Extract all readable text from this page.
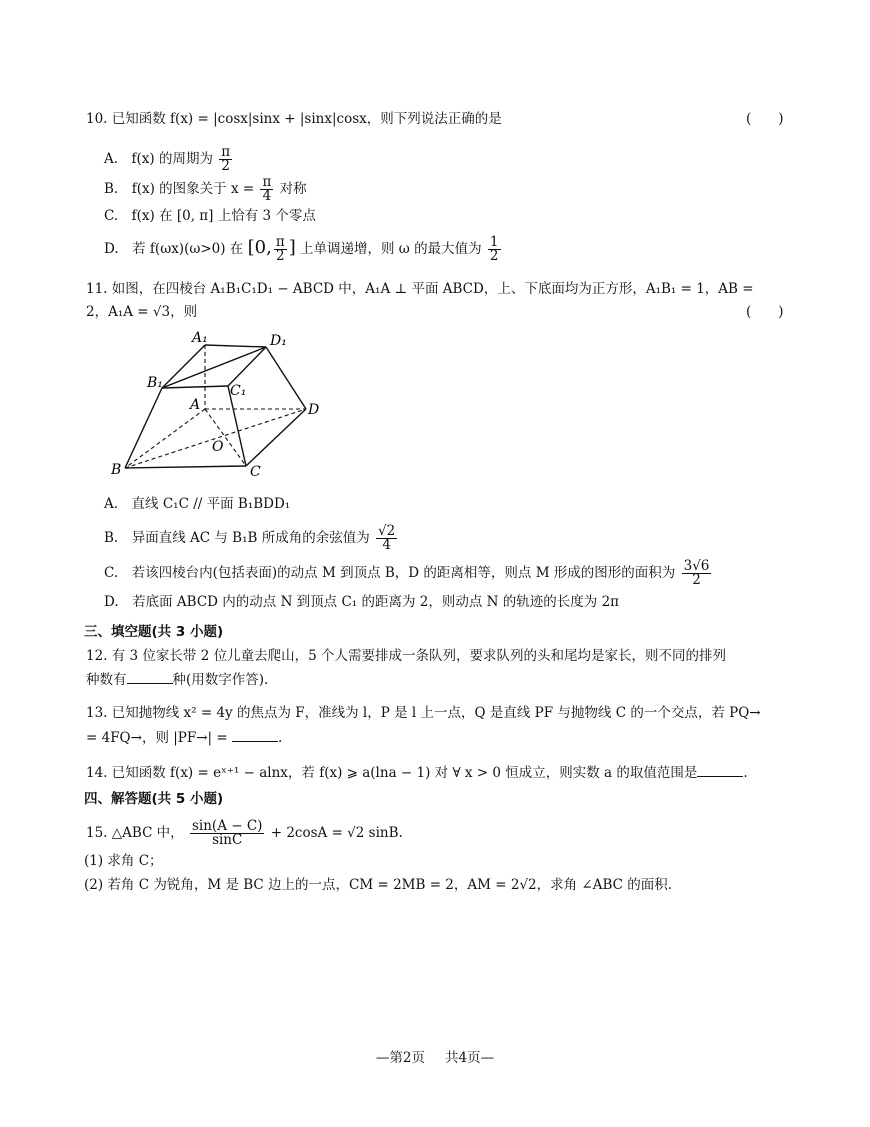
10. 已知函数 f(x) = |cosx|sinx + |sinx|cosx，则下列说法正确的是	(　　)
A.　f(x) 的周期为 $\frac{\pi}{2}$
B.　f(x) 的图象关于 $x = \frac{\pi}{4}$ 对称
C.　f(x) 在 [0, π] 上恰有 3 个零点
D.　若 f(ωx)(ω>0) 在 [0, $\frac{\pi}{2}$ ] 上单调递增，则 ω 的最大值为 $\frac{1}{2}$
11. 如图，在四棱台 A₁B₁C₁D₁ − ABCD 中，A₁A ⊥ 平面 ABCD，上、下底面均为正方形，A₁B₁ = 1，AB =
2，A₁A = √3，则	(　　)
A₁	D₁
B₁	C₁
A	D
O
B	C
A.　直线 C₁C // 平面 B₁BDD₁
B.　异面直线 AC 与 B₁B 所成角的余弦值为 $\frac{√2}{4}$
C.　若该四棱台内(包括表面)的动点 M 到顶点 B，D 的距离相等，则点 M 形成的图形的面积为 $\frac{3√6}{2}$
D.　若底面 ABCD 内的动点 N 到顶点 C₁ 的距离为 2，则动点 N 的轨迹的长度为 2π
三、填空题(共 3 小题)
12. 有 3 位家长带 2 位儿童去爬山，5 个人需要排成一条队列，要求队列的头和尾均是家长，则不同的排列
种数有	种(用数字作答).
13. 已知抛物线 x² = 4y 的焦点为 F，准线为 l，P 是 l 上一点，Q 是直线 PF 与抛物线 C 的一个交点，若 PQ→
= 4FQ→，则 |PF→| =	.
14. 已知函数 f(x) = eˣ⁺¹ − alnx，若 f(x) ⩾ a(lna − 1) 对 ∀ x > 0 恒成立，则实数 a 的取值范围是	.
四、解答题(共 5 小题)
15. △ABC 中， $\frac{\sin(A - C)}{\sin C} + 2\cos A = √2$ sinB.
(1) 求角 C；
(2) 若角 C 为锐角，M 是 BC 边上的一点，CM = 2MB = 2，AM = 2√2，求角 ∠ABC 的面积.
—第2页 共4页—
